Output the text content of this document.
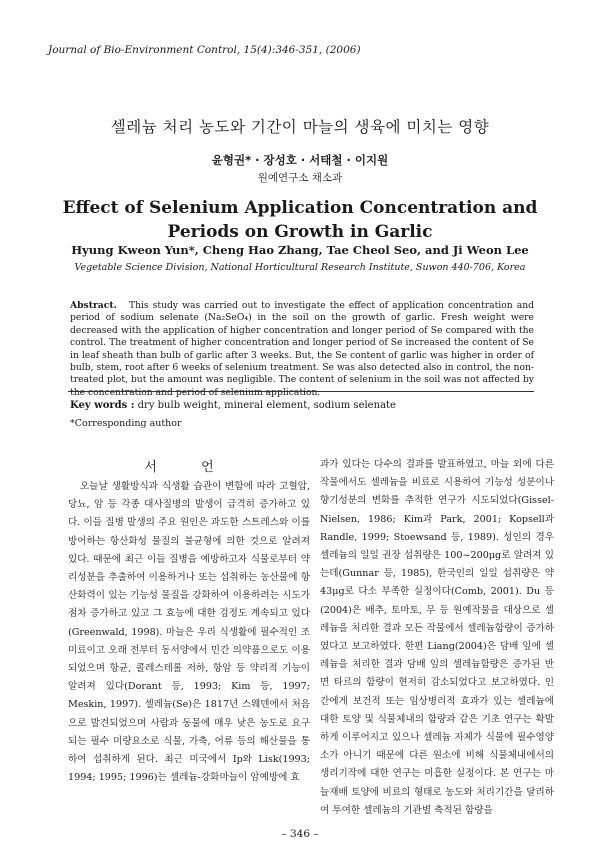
Journal of Bio-Environment Control, 15(4):346-351, (2006)
셀레늄 처리 농도와 기간이 마늘의 생육에 미치는 영향
윤형권* · 장성호 · 서태철 · 이지원
원예연구소 채소과
Effect of Selenium Application Concentration and
Periods on Growth in Garlic
Hyung Kweon Yun*, Cheng Hao Zhang, Tae Cheol Seo, and Ji Weon Lee
Vegetable Science Division, National Horticultural Research Institute, Suwon 440-706, Korea
Abstract. This study was carried out to investigate the effect of application concentration and period of sodium selenate (Na₂SeO₄) in the soil on the growth of garlic. Fresh weight were decreased with the application of higher concentration and longer period of Se compared with the control. The treatment of higher concentration and longer period of Se increased the content of Se in leaf sheath than bulb of garlic after 3 weeks. But, the Se content of garlic was higher in order of bulb, stem, root after 6 weeks of selenium treatment. Se was also detected also in control, the non-treated plot, but the amount was negligible. The content of selenium in the soil was not affected by the concentration and period of selenium application.
Key words : dry bulb weight, mineral element, sodium selenate
*Corresponding author
서 언
오늘날 생활방식과 식생활 습관이 변함에 따라 고혈압, 당뇨, 암 등 각종 대사질병의 발생이 급격히 증가하고 있다. 이들 질병 발생의 주요 원인은 과도한 스트레스와 이를 방어하는 항산화성 물질의 불균형에 의한 것으로 알려져 있다. 때문에 최근 이들 질병을 예방하고자 식물로부터 약리성분을 추출하여 이용하거나 또는 섭취하는 농산물에 항산화력이 있는 기능성 물질을 강화하여 이용하려는 시도가 점차 증가하고 있고 그 효능에 대한 검정도 계속되고 있다(Greenwald, 1998). 마늘은 우리 식생활에 필수적인 조미료이고 오래 전부터 동서양에서 민간 의약품으로도 이용되었으며 항균, 콜레스테롤 저하, 항암 등 약리적 기능이 알려져 있다(Dorant 등, 1993; Kim 등, 1997; Meskin, 1997). 셀레늄(Se)은 1817년 스웨덴에서 처음으로 발견되었으며 사람과 동물에 매우 낮은 농도로 요구되는 필수 미량요소로 식물, 가축, 어류 등의 해산물을 통하여 섭취하게 된다. 최근 미국에서 Ip와 Lisk(1993; 1994; 1995; 1996)는 셀레늄-강화마늘이 암예방에 효
과가 있다는 다수의 결과를 발표하였고, 마늘 외에 다른 작물에서도 셀레늄을 비료로 시용하여 기능성 성분이나 향기성분의 변화를 추적한 연구가 시도되었다(Gissel-Nielsen, 1986; Kim과 Park, 2001; Kopsell과 Randle, 1999; Stoewsand 등, 1989). 성인의 경우 셀레늄의 일일 권장 섭취량은 100~200μg로 알려져 있는데(Gunnar 등, 1985), 한국인의 일일 섭취량은 약 43μg로 다소 부족한 실정이다(Comb, 2001). Du 등(2004)은 배추, 토마토, 무 등 원예작물을 대상으로 셀레늄을 처리한 결과 모든 작물에서 셀레늄함량이 증가하였다고 보고하였다. 한편 Liang(2004)은 담배 잎에 셀레늄을 처리한 결과 담배 잎의 셀레늄함량은 증가된 반면 타르의 함량이 현저히 감소되었다고 보고하였다. 인간에게 보건적 또는 임상병리적 효과가 있는 셀레늄에 대한 토양 및 식물체내의 함량과 같은 기초 연구는 확발하게 이루어지고 있으나 셀레늄 자체가 식물에 필수영양소가 아니기 때문에 다른 원소에 비해 식물체내에서의 생리기작에 대한 연구는 미흡한 실정이다. 본 연구는 마늘재배 토양에 비료의 형태로 농도와 처리기간을 달리하여 투여한 셀레늄의 기관별 축적된 함량을
– 346 –
